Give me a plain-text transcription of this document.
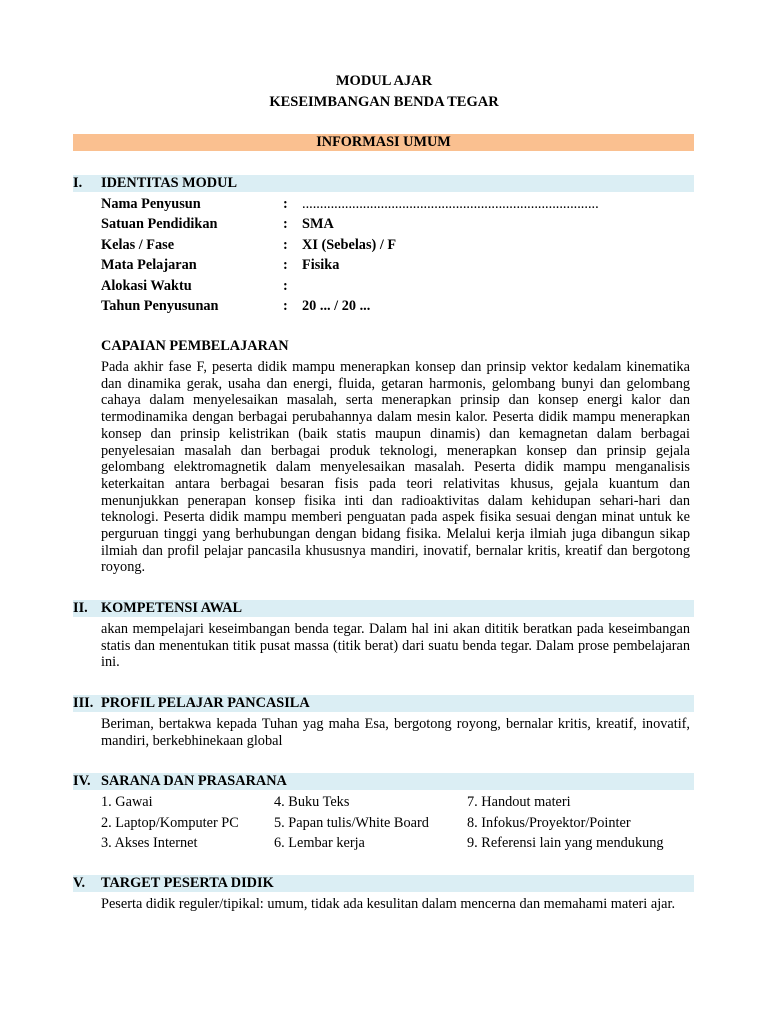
MODUL AJAR
KESEIMBANGAN BENDA TEGAR
INFORMASI UMUM
I. IDENTITAS MODUL
Nama Penyusun	: ...................................................................................
Satuan Pendidikan	: SMA
Kelas / Fase	: XI (Sebelas) / F
Mata Pelajaran	: Fisika
Alokasi Waktu	:
Tahun Penyusunan	: 20 ... / 20 ...
CAPAIAN PEMBELAJARAN
Pada akhir fase F, peserta didik mampu menerapkan konsep dan prinsip vektor kedalam kinematika dan dinamika gerak, usaha dan energi, fluida, getaran harmonis, gelombang bunyi dan gelombang cahaya dalam menyelesaikan masalah, serta menerapkan prinsip dan konsep energi kalor dan termodinamika dengan berbagai perubahannya dalam mesin kalor. Peserta didik mampu menerapkan konsep dan prinsip kelistrikan (baik statis maupun dinamis) dan kemagnetan dalam berbagai penyelesaian masalah dan berbagai produk teknologi, menerapkan konsep dan prinsip gejala gelombang elektromagnetik dalam menyelesaikan masalah. Peserta didik mampu menganalisis keterkaitan antara berbagai besaran fisis pada teori relativitas khusus, gejala kuantum dan menunjukkan penerapan konsep fisika inti dan radioaktivitas dalam kehidupan sehari-hari dan teknologi. Peserta didik mampu memberi penguatan pada aspek fisika sesuai dengan minat untuk ke perguruan tinggi yang berhubungan dengan bidang fisika. Melalui kerja ilmiah juga dibangun sikap ilmiah dan profil pelajar pancasila khususnya mandiri, inovatif, bernalar kritis, kreatif dan bergotong royong.
II. KOMPETENSI AWAL
akan mempelajari keseimbangan benda tegar. Dalam hal ini akan dititik beratkan pada keseimbangan statis dan menentukan titik pusat massa (titik berat) dari suatu benda tegar. Dalam prose pembelajaran ini.
III. PROFIL PELAJAR PANCASILA
Beriman, bertakwa kepada Tuhan yag maha Esa, bergotong royong, bernalar kritis, kreatif, inovatif, mandiri, berkebhinekaan global
IV. SARANA DAN PRASARANA
1. Gawai
2. Laptop/Komputer PC
3. Akses Internet
4. Buku Teks
5. Papan tulis/White Board
6. Lembar kerja
7. Handout materi
8. Infokus/Proyektor/Pointer
9. Referensi lain yang mendukung
V. TARGET PESERTA DIDIK
Peserta didik reguler/tipikal: umum, tidak ada kesulitan dalam mencerna dan memahami materi ajar.
